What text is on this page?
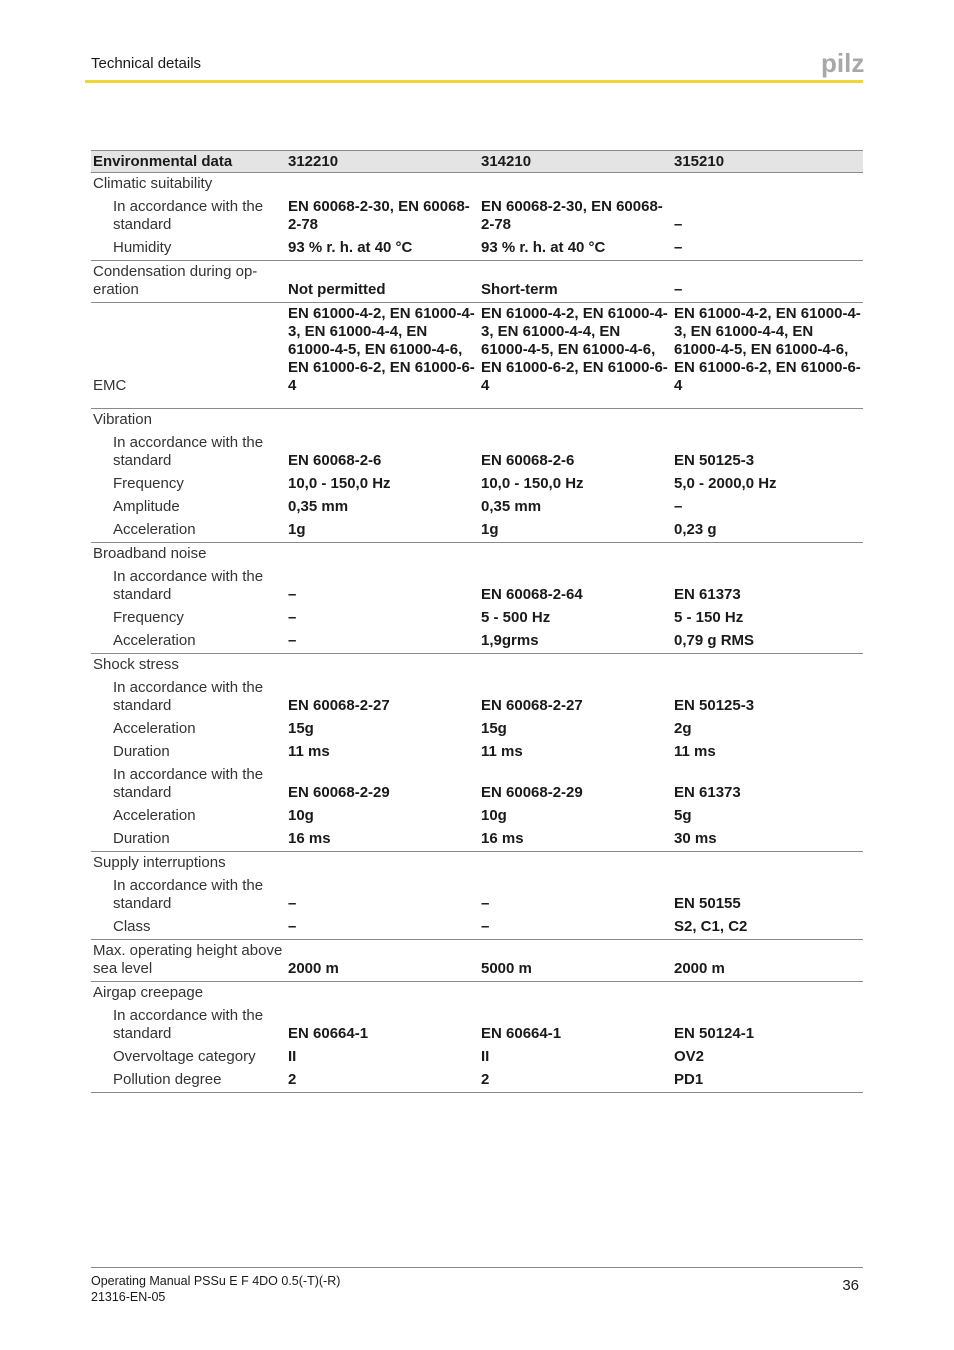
Technical details	pilz
Environmental data	312210	314210	315210
Climatic suitability			
In accordance with the standard	EN 60068-2-30, EN 60068-2-78	EN 60068-2-30, EN 60068-2-78	–
Humidity	93 % r. h. at 40 °C	93 % r. h. at 40 °C	–
Condensation during operation	Not permitted	Short-term	–
EMC	EN 61000-4-2, EN 61000-4-3, EN 61000-4-4, EN 61000-4-5, EN 61000-4-6, EN 61000-6-2, EN 61000-6-4	EN 61000-4-2, EN 61000-4-3, EN 61000-4-4, EN 61000-4-5, EN 61000-4-6, EN 61000-6-2, EN 61000-6-4	EN 61000-4-2, EN 61000-4-3, EN 61000-4-4, EN 61000-4-5, EN 61000-4-6, EN 61000-6-2, EN 61000-6-4
Vibration			
In accordance with the standard	EN 60068-2-6	EN 60068-2-6	EN 50125-3
Frequency	10,0 - 150,0 Hz	10,0 - 150,0 Hz	5,0 - 2000,0 Hz
Amplitude	0,35 mm	0,35 mm	–
Acceleration	1g	1g	0,23 g
Broadband noise			
In accordance with the standard	–	EN 60068-2-64	EN 61373
Frequency	–	5 - 500 Hz	5 - 150 Hz
Acceleration	–	1,9grms	0,79 g RMS
Shock stress			
In accordance with the standard	EN 60068-2-27	EN 60068-2-27	EN 50125-3
Acceleration	15g	15g	2g
Duration	11 ms	11 ms	11 ms
In accordance with the standard	EN 60068-2-29	EN 60068-2-29	EN 61373
Acceleration	10g	10g	5g
Duration	16 ms	16 ms	30 ms
Supply interruptions			
In accordance with the standard	–	–	EN 50155
Class	–	–	S2, C1, C2
Max. operating height above sea level	2000 m	5000 m	2000 m
Airgap creepage			
In accordance with the standard	EN 60664-1	EN 60664-1	EN 50124-1
Overvoltage category	II	II	OV2
Pollution degree	2	2	PD1
Operating Manual PSSu E F 4DO 0.5(-T)(-R)
21316-EN-05
36
